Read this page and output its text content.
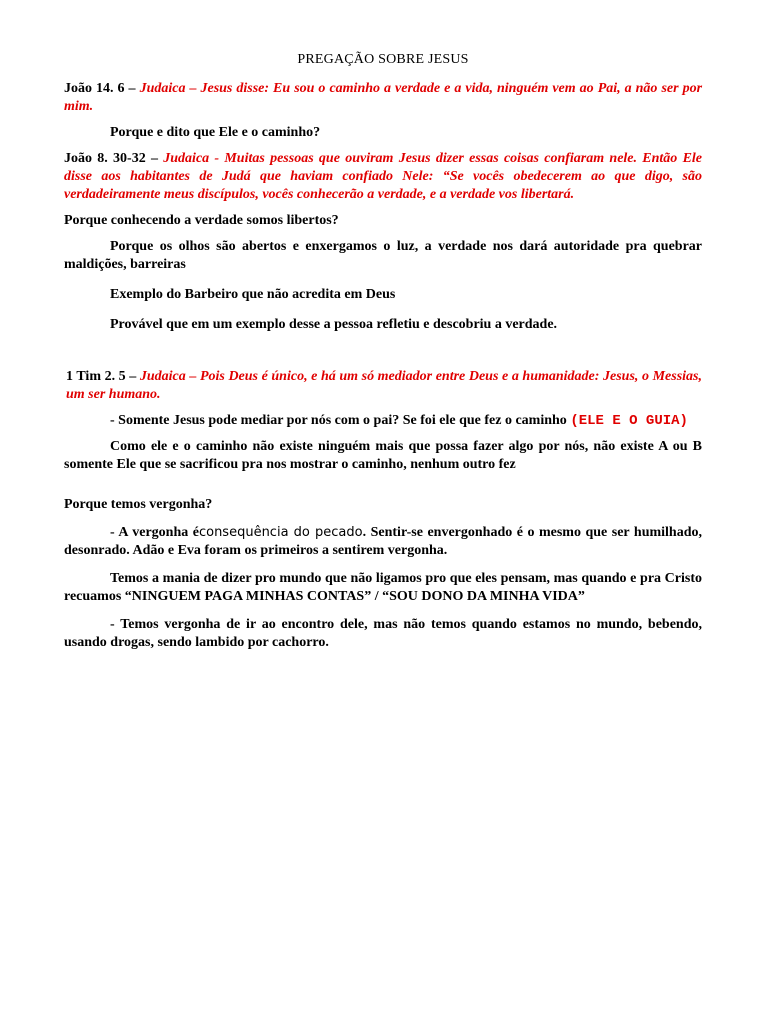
PREGAÇÃO SOBRE JESUS

João 14. 6 – Judaica – Jesus disse: Eu sou o caminho a verdade e a vida, ninguém vem ao Pai, a não ser por mim.

Porque e dito que Ele e o caminho?

João 8. 30-32 – Judaica - Muitas pessoas que ouviram Jesus dizer essas coisas confiaram nele. Então Ele disse aos habitantes de Judá que haviam confiado Nele: “Se vocês obedecerem ao que digo, são verdadeiramente meus discípulos, vocês conhecerão a verdade, e a verdade vos libertará.

Porque conhecendo a verdade somos libertos?

Porque os olhos são abertos e enxergamos o luz, a verdade nos dará autoridade pra quebrar maldições, barreiras

Exemplo do Barbeiro que não acredita em Deus

Provável que em um exemplo desse a pessoa refletiu e descobriu a verdade.

1 Tim 2. 5 – Judaica – Pois Deus é único, e há um só mediador entre Deus e a humanidade: Jesus, o Messias, um ser humano.

- Somente Jesus pode mediar por nós com o pai? Se foi ele que fez o caminho (ELE E O GUIA)

Como ele e o caminho não existe ninguém mais que possa fazer algo por nós, não existe A ou B somente Ele que se sacrificou pra nos mostrar o caminho, nenhum outro fez

Porque temos vergonha?

- A vergonha éconsequência do pecado. Sentir-se envergonhado é o mesmo que ser humilhado, desonrado. Adão e Eva foram os primeiros a sentirem vergonha.

Temos a mania de dizer pro mundo que não ligamos pro que eles pensam, mas quando e pra Cristo recuamos “NINGUEM PAGA MINHAS CONTAS” / “SOU DONO DA MINHA VIDA”

- Temos vergonha de ir ao encontro dele, mas não temos quando estamos no mundo, bebendo, usando drogas, sendo lambido por cachorro.
